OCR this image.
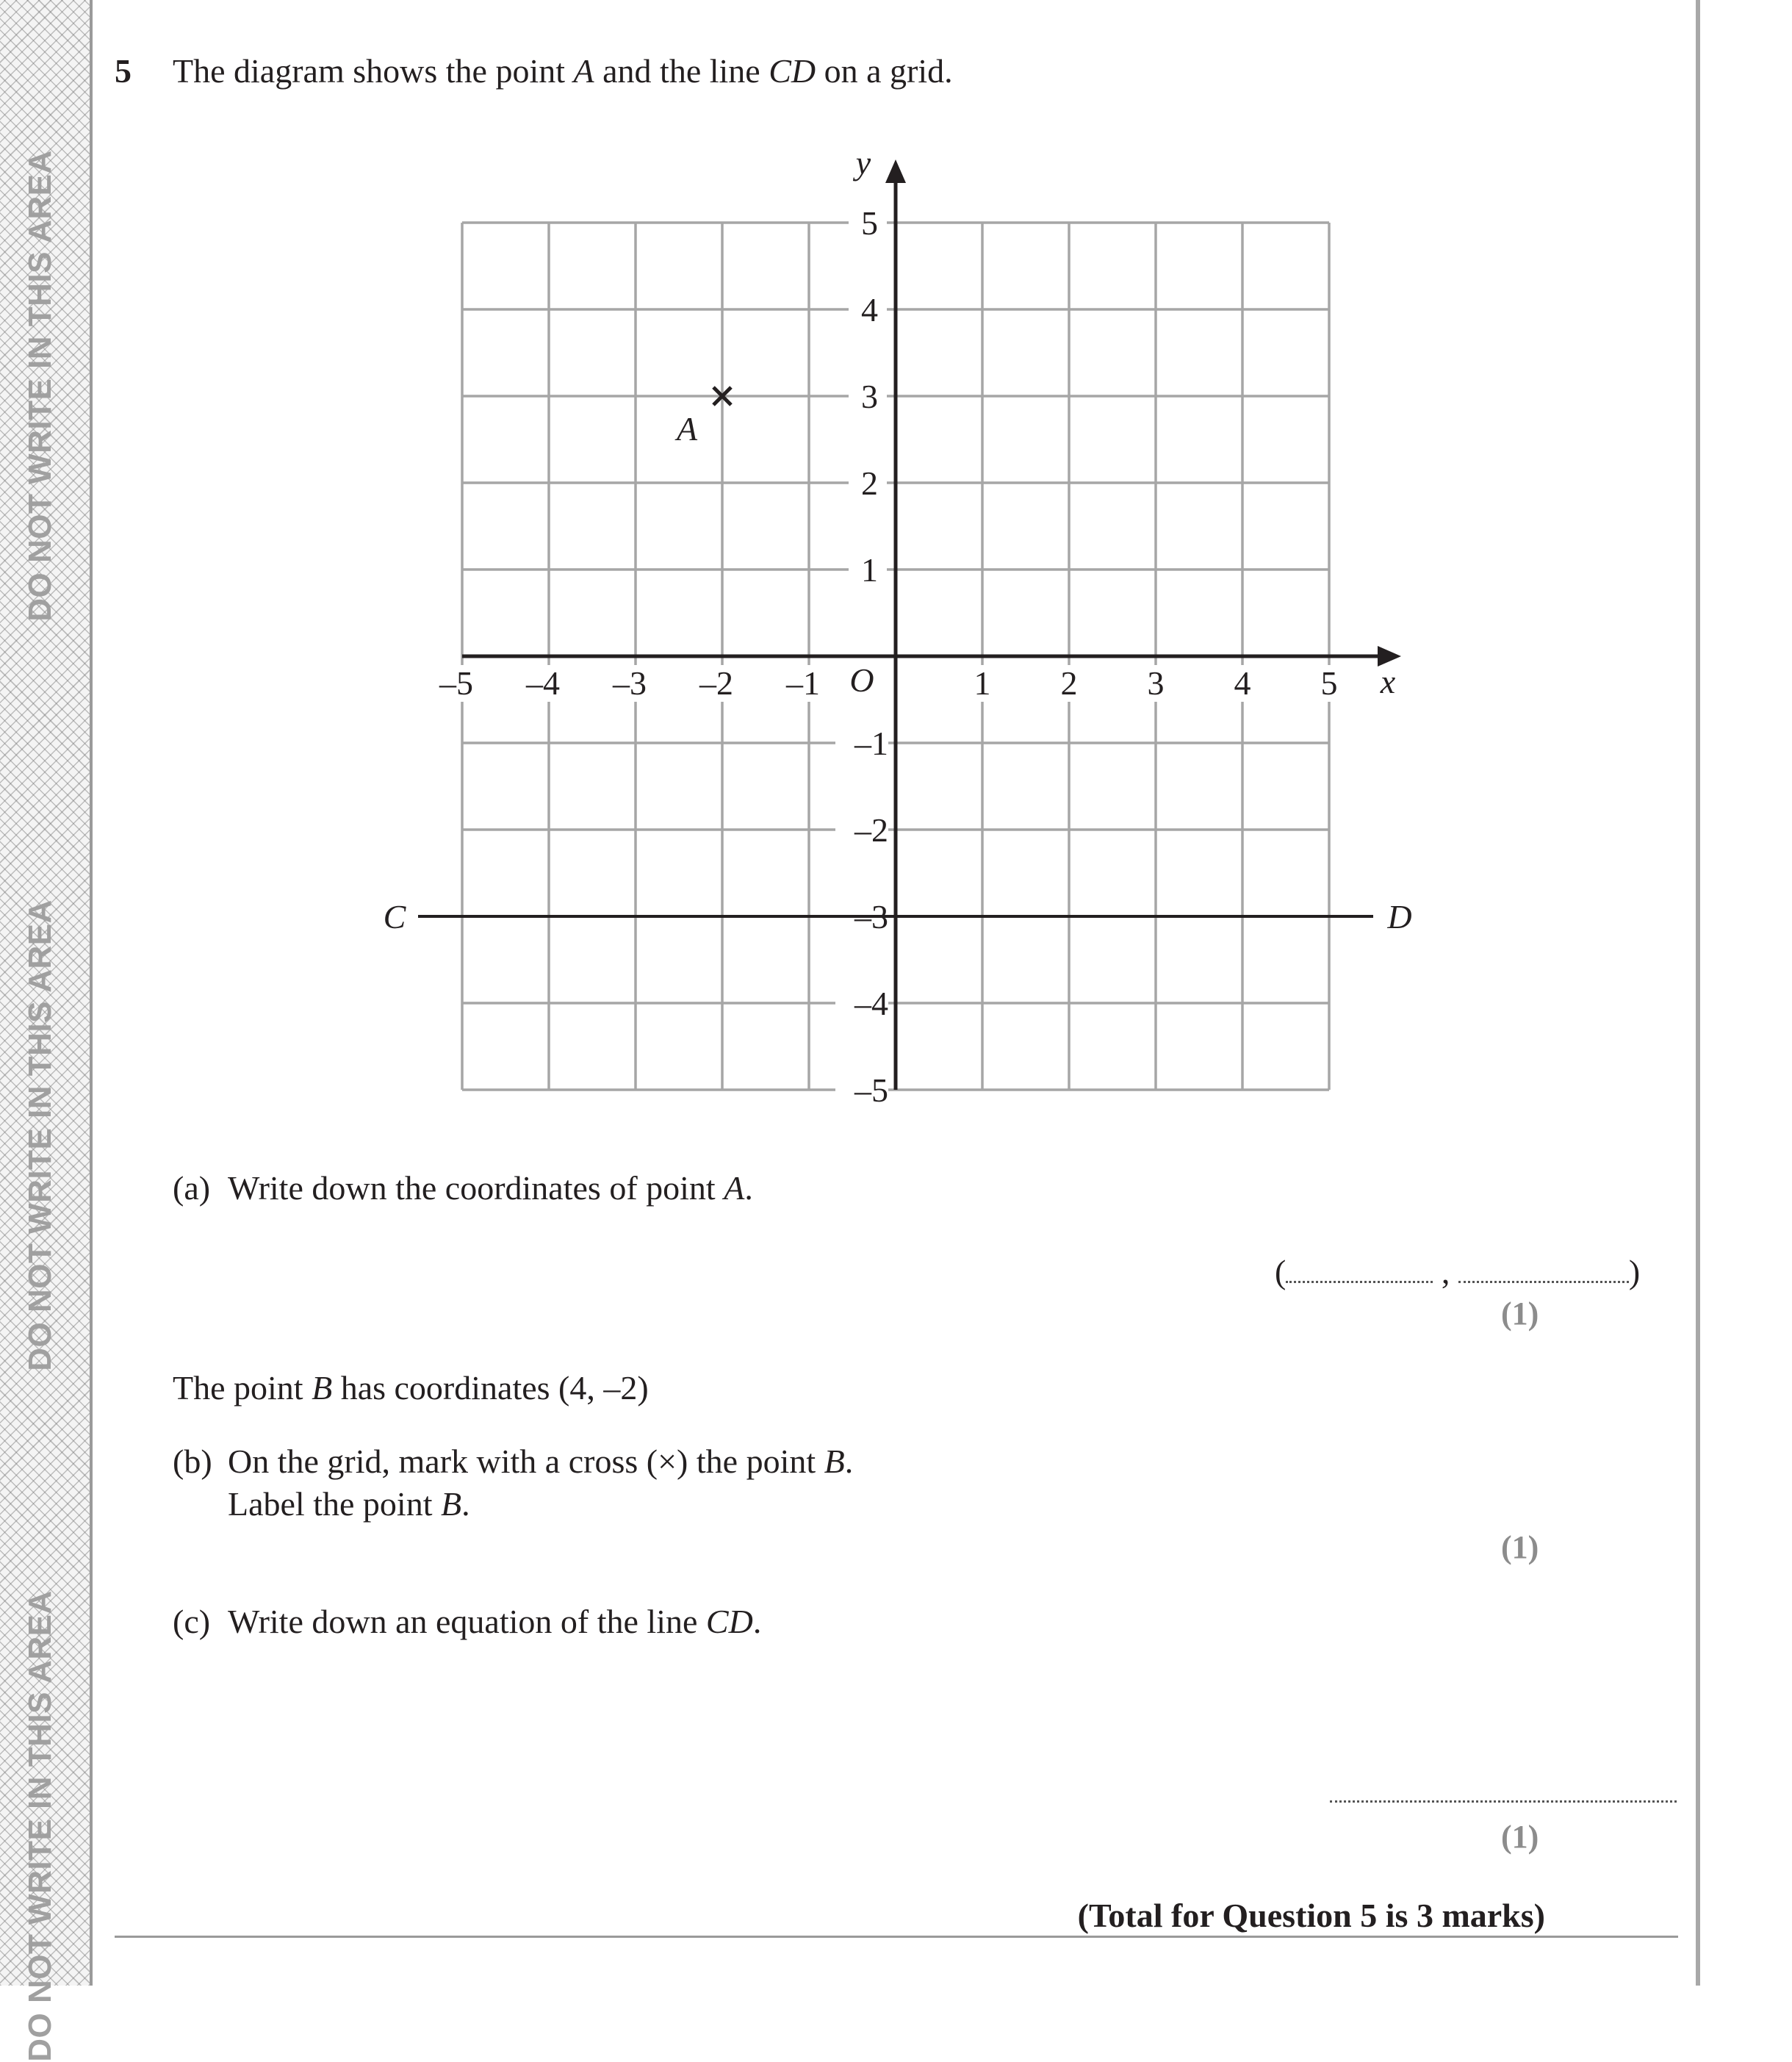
DO NOT WRITE IN THIS AREA
DO NOT WRITE IN THIS AREA
DO NOT WRITE IN THIS AREA
5 The diagram shows the point A and the line CD on a grid.
–5 –4 –3 –2 –1	1 2 3 4 5
5
4
3
2
1
–1
–2
–3
–4
–5
O	x
y
C	D
A
(a) Write down the coordinates of point A.
(	,	)
(1)
The point B has coordinates (4, –2)
(b) On the grid, mark with a cross (×) the point B.
Label the point B.
(1)
(c) Write down an equation of the line CD.
(1)
(Total for Question 5 is 3 marks)
